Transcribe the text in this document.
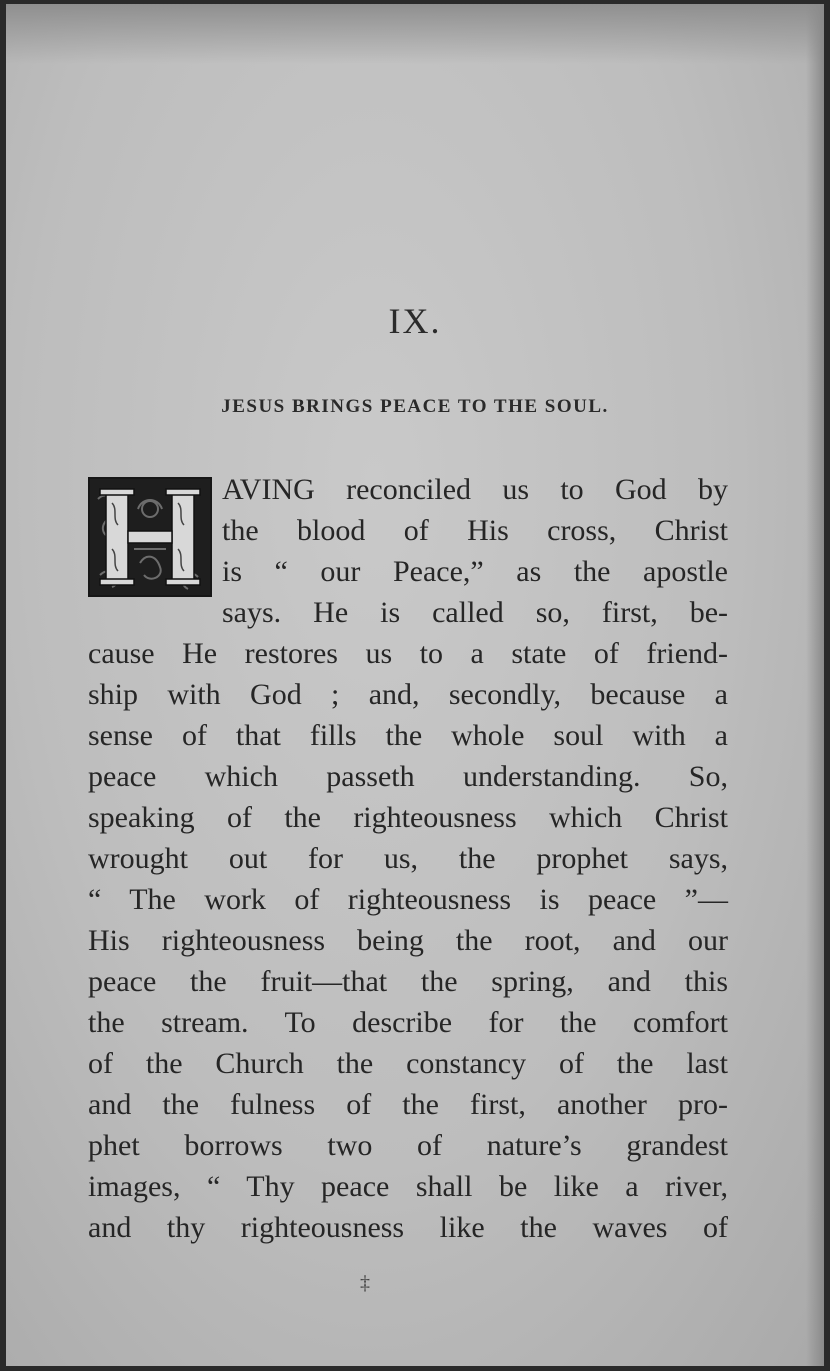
IX.
JESUS BRINGS PEACE TO THE SOUL.
AVING reconciled us to God by
the blood of His cross, Christ
is “ our Peace,” as the apostle
says. He is called so, first, be-
cause He restores us to a state of friend-
ship with God ; and, secondly, because a
sense of that fills the whole soul with a
peace which passeth understanding. So,
speaking of the righteousness which Christ
wrought out for us, the prophet says,
“ The work of righteousness is peace ”—
His righteousness being the root, and our
peace the fruit—that the spring, and this
the stream. To describe for the comfort
of the Church the constancy of the last
and the fulness of the first, another pro-
phet borrows two of nature’s grandest
images, “ Thy peace shall be like a river,
and thy righteousness like the waves of
‡
